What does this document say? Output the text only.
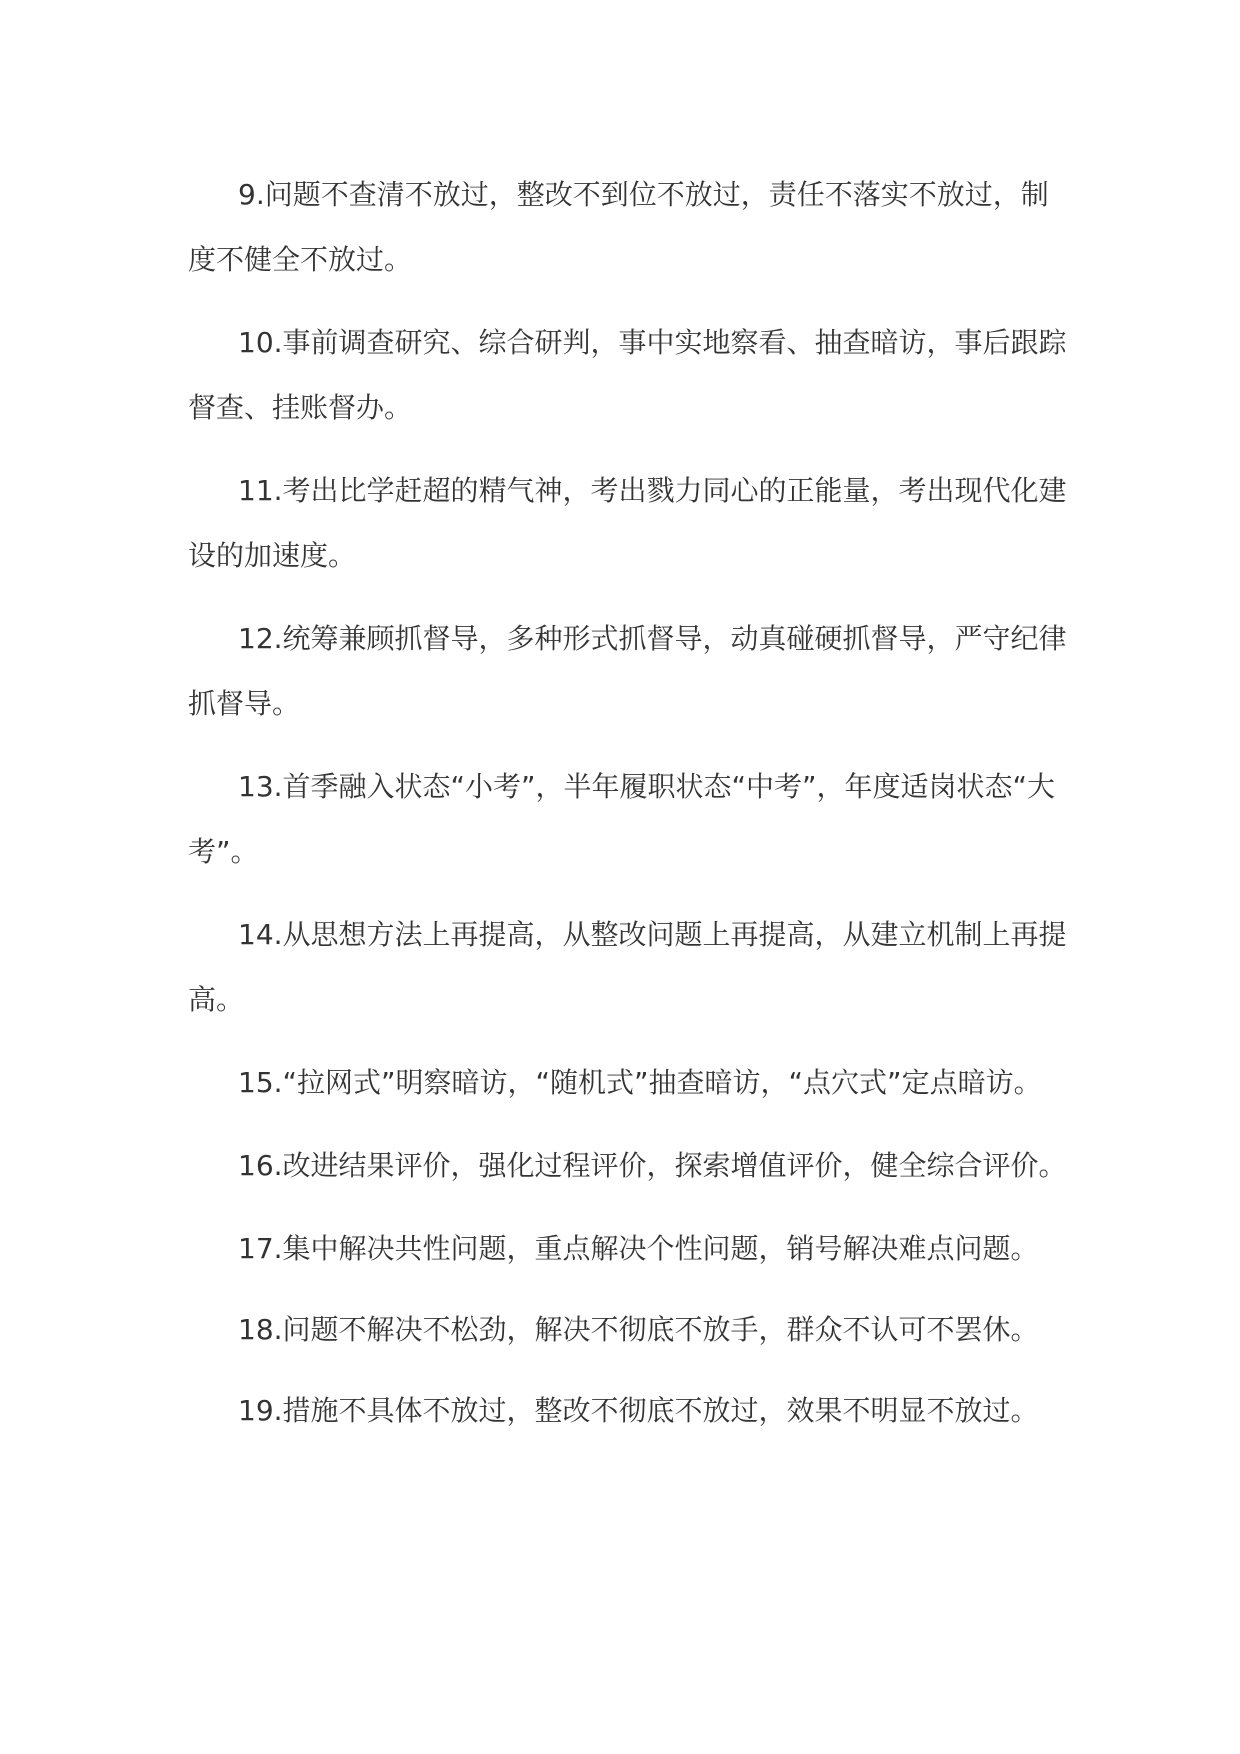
9.问题不查清不放过，整改不到位不放过，责任不落实不放过，制度不健全不放过。

10.事前调查研究、综合研判，事中实地察看、抽查暗访，事后跟踪督查、挂账督办。

11.考出比学赶超的精气神，考出戮力同心的正能量，考出现代化建设的加速度。

12.统筹兼顾抓督导，多种形式抓督导，动真碰硬抓督导，严守纪律抓督导。

13.首季融入状态“小考”，半年履职状态“中考”，年度适岗状态“大考”。

14.从思想方法上再提高，从整改问题上再提高，从建立机制上再提高。

15.“拉网式”明察暗访，“随机式”抽查暗访，“点穴式”定点暗访。

16.改进结果评价，强化过程评价，探索增值评价，健全综合评价。

17.集中解决共性问题，重点解决个性问题，销号解决难点问题。

18.问题不解决不松劲，解决不彻底不放手，群众不认可不罢休。

19.措施不具体不放过，整改不彻底不放过，效果不明显不放过。
